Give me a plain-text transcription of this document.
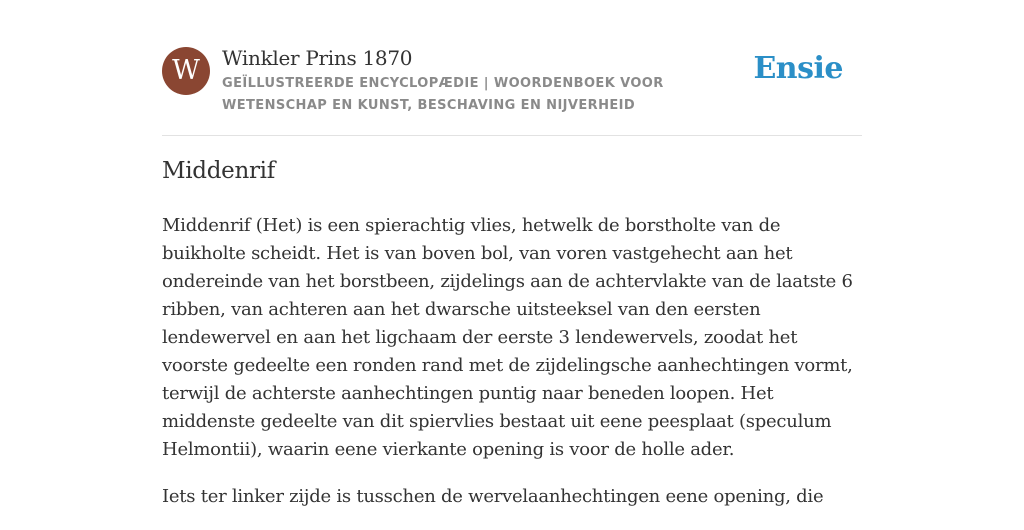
W	Winkler Prins 1870
GEÏLLUSTREERDE ENCYCLOPÆDIE | WOORDENBOEK VOOR WETENSCHAP EN KUNST, BESCHAVING EN NIJVERHEID
Ensie
Middenrif

Middenrif (Het) is een spierachtig vlies, hetwelk de borstholte van de buikholte scheidt. Het is van boven bol, van voren vastgehecht aan het ondereinde van het borstbeen, zijdelings aan de achtervlakte van de laatste 6 ribben, van achteren aan het dwarsche uitsteeksel van den eersten lendewervel en aan het ligchaam der eerste 3 lendewervels, zoodat het voorste gedeelte een ronden rand met de zijdelingsche aanhechtingen vormt, terwijl de achterste aanhechtingen puntig naar beneden loopen. Het middenste gedeelte van dit spiervlies bestaat uit eene peesplaat (speculum Helmontii), waarin eene vierkante opening is voor de holle ader.

Iets ter linker zijde is tusschen de wervelaanhechtingen eene opening, die
